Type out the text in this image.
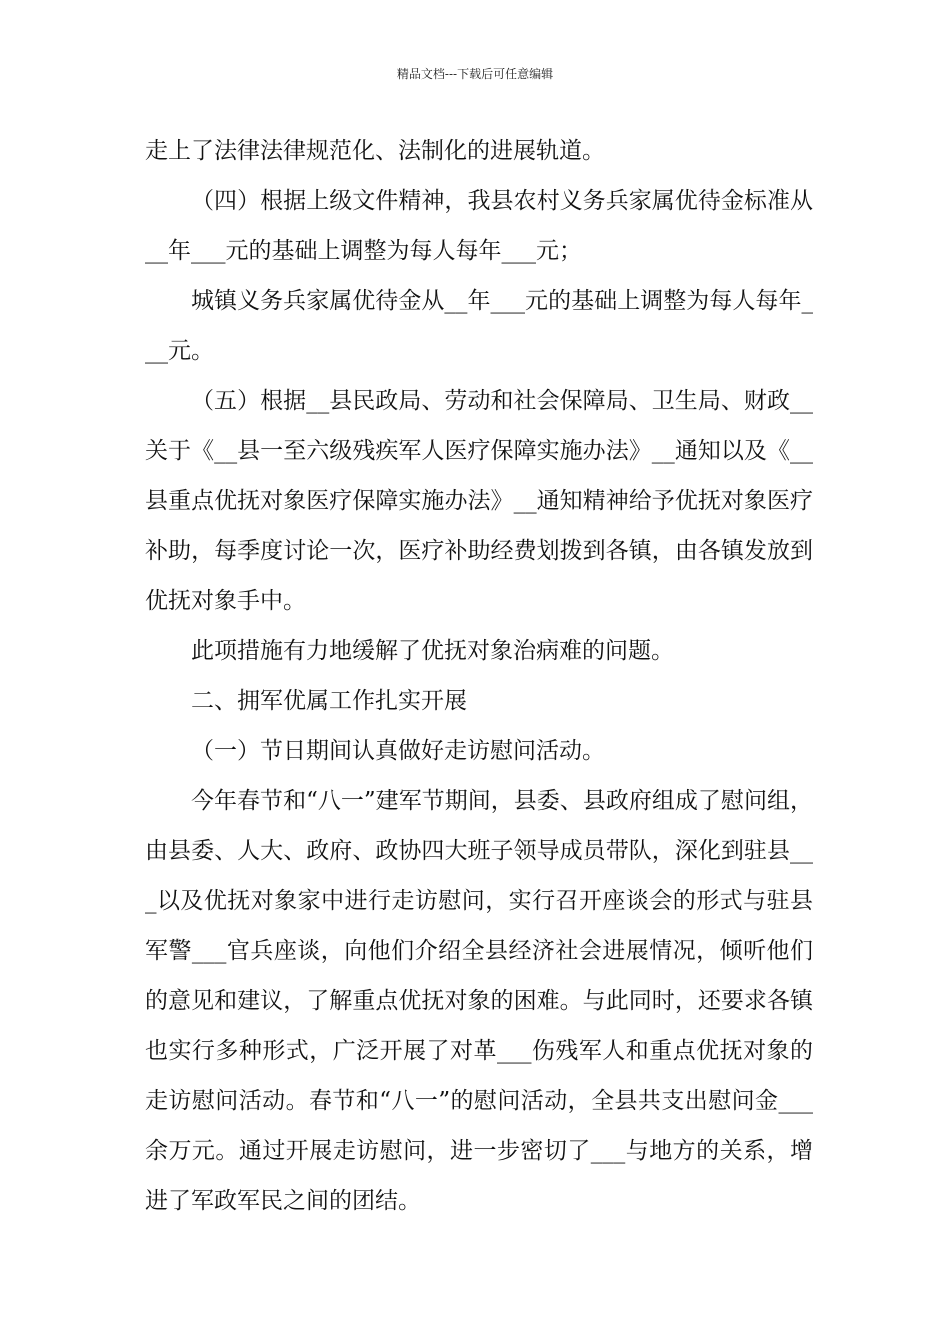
精品文档---下载后可任意编辑

走上了法律法律规范化、法制化的进展轨道。

（四）根据上级文件精神，我县农村义务兵家属优待金标准从__年___元的基础上调整为每人每年___元；

城镇义务兵家属优待金从__年___元的基础上调整为每人每年___元。

（五）根据__县民政局、劳动和社会保障局、卫生局、财政__关于《__县一至六级残疾军人医疗保障实施办法》__通知以及《__县重点优抚对象医疗保障实施办法》__通知精神给予优抚对象医疗补助，每季度讨论一次，医疗补助经费划拨到各镇，由各镇发放到优抚对象手中。

此项措施有力地缓解了优抚对象治病难的问题。

二、拥军优属工作扎实开展

（一）节日期间认真做好走访慰问活动。

今年春节和“八一”建军节期间，县委、县政府组成了慰问组，由县委、人大、政府、政协四大班子领导成员带队，深化到驻县___以及优抚对象家中进行走访慰问，实行召开座谈会的形式与驻县军警___官兵座谈，向他们介绍全县经济社会进展情况，倾听他们的意见和建议，了解重点优抚对象的困难。与此同时，还要求各镇也实行多种形式，广泛开展了对革___伤残军人和重点优抚对象的走访慰问活动。春节和“八一”的慰问活动，全县共支出慰问金___余万元。通过开展走访慰问，进一步密切了___与地方的关系，增进了军政军民之间的团结。
